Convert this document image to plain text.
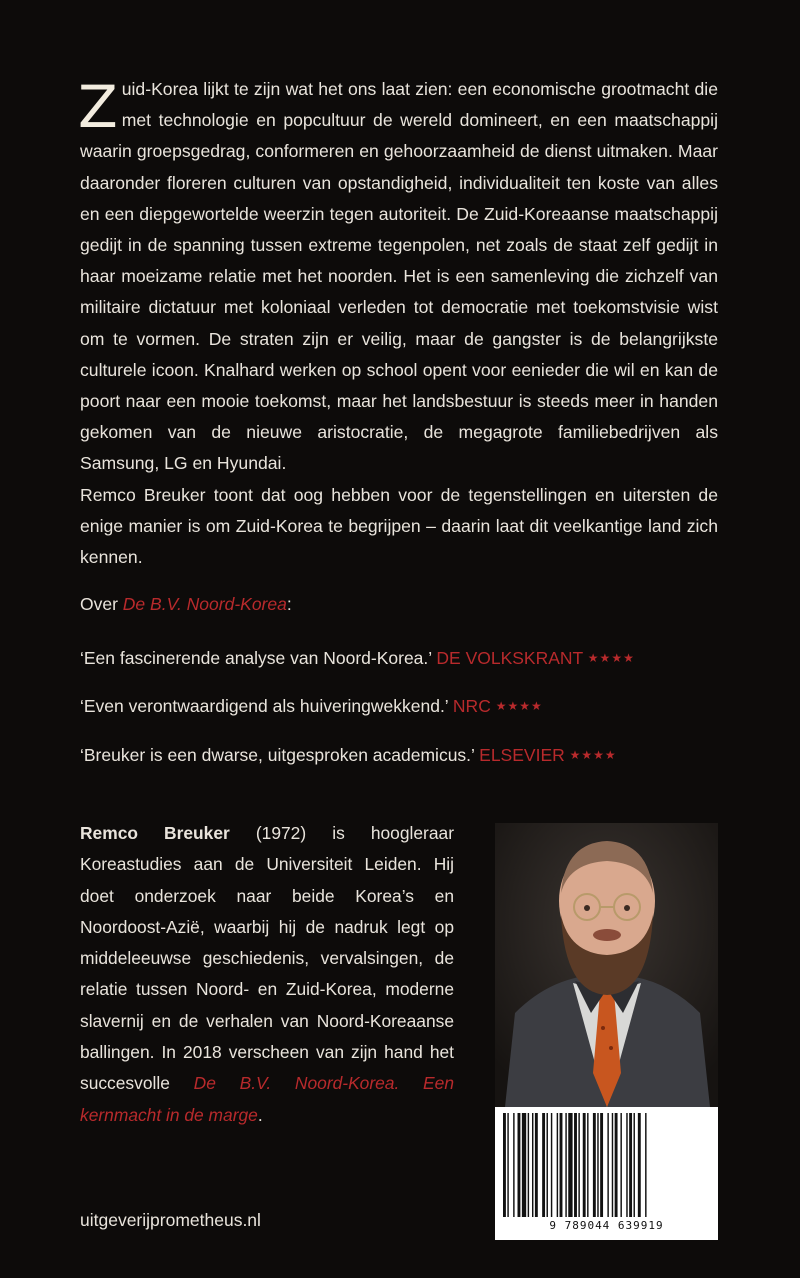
Zuid-Korea lijkt te zijn wat het ons laat zien: een economische grootmacht die met technologie en popcultuur de wereld domineert, en een maatschappij waarin groepsgedrag, conformeren en gehoorzaamheid de dienst uitmaken. Maar daaronder floreren culturen van opstandigheid, individualiteit ten koste van alles en een diepgewortelde weerzin tegen autoriteit. De Zuid-Koreaanse maatschappij gedijt in de spanning tussen extreme tegenpolen, net zoals de staat zelf gedijt in haar moeizame relatie met het noorden. Het is een samenleving die zichzelf van militaire dictatuur met koloniaal verleden tot democratie met toekomstvisie wist om te vormen. De straten zijn er veilig, maar de gangster is de belangrijkste culturele icoon. Knalhard werken op school opent voor eenieder die wil en kan de poort naar een mooie toekomst, maar het landsbestuur is steeds meer in handen gekomen van de nieuwe aristocratie, de megagrote familiebedrijven als Samsung, LG en Hyundai.
Remco Breuker toont dat oog hebben voor de tegenstellingen en uitersten de enige manier is om Zuid-Korea te begrijpen – daarin laat dit veelkantige land zich kennen.

Over De B.V. Noord-Korea:

‘Een fascinerende analyse van Noord-Korea.’ DE VOLKSKRANT ★★★★

‘Even verontwaardigend als huiveringwekkend.’ NRC ★★★★

‘Breuker is een dwarse, uitgesproken academicus.’ ELSEVIER ★★★★

Remco Breuker (1972) is hoogleraar Koreastudies aan de Universiteit Leiden. Hij doet onderzoek naar beide Korea’s en Noordoost-Azië, waarbij hij de nadruk legt op middeleeuwse geschiedenis, vervalsingen, de relatie tussen Noord- en Zuid-Korea, moderne slavernij en de verhalen van Noord-Koreaanse ballingen. In 2018 verscheen van zijn hand het succesvolle De B.V. Noord-Korea. Een kernmacht in de marge.

9 789044 639919

uitgeverijprometheus.nl
